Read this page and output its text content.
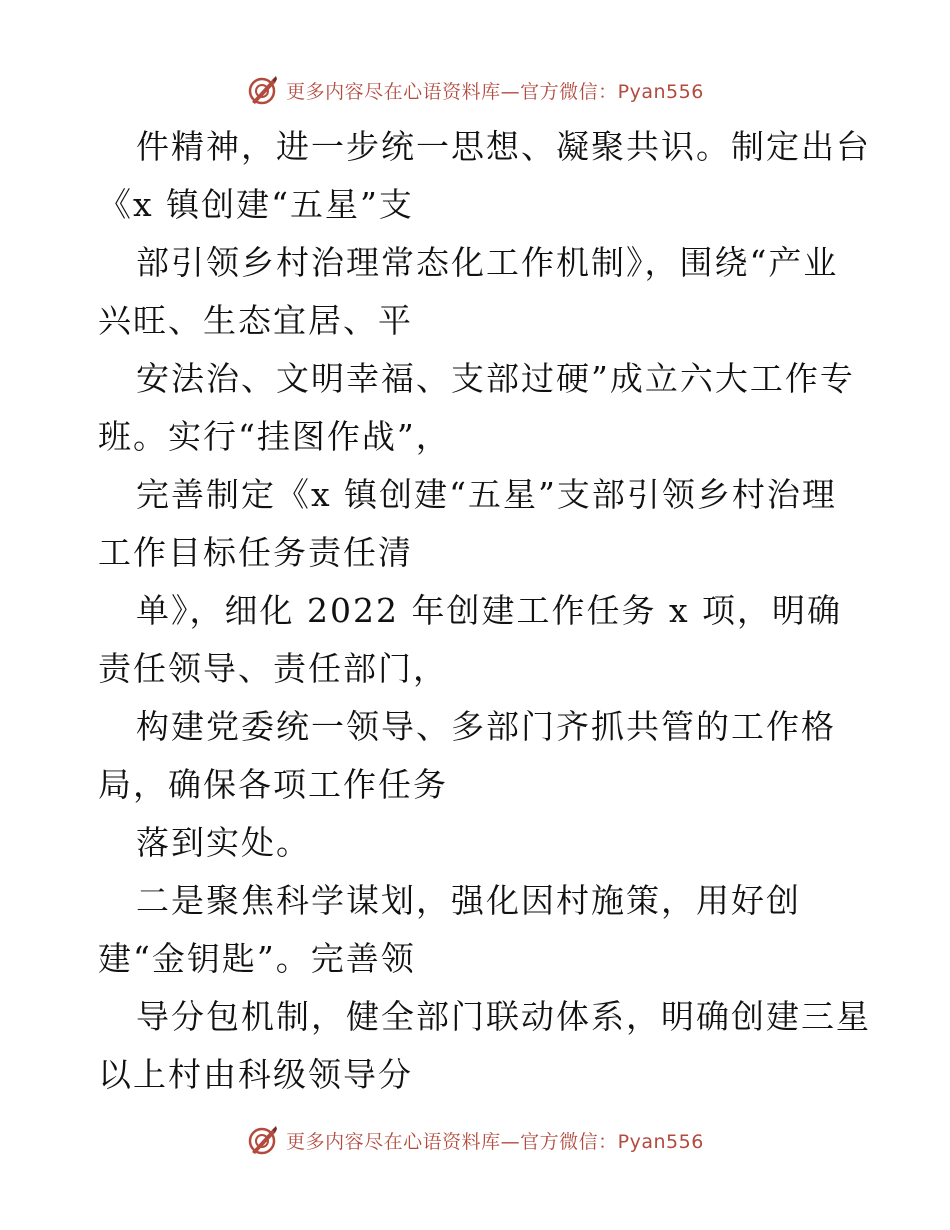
更多内容尽在心语资料库—官方微信：Pyan556
件精神，进一步统一思想、凝聚共识。制定出台
《x 镇创建“五星”支
部引领乡村治理常态化工作机制》，围绕“产业
兴旺、生态宜居、平
安法治、文明幸福、支部过硬”成立六大工作专
班。实行“挂图作战”，
完善制定《x 镇创建“五星”支部引领乡村治理
工作目标任务责任清
单》，细化 2022 年创建工作任务 x 项，明确
责任领导、责任部门，
构建党委统一领导、多部门齐抓共管的工作格
局，确保各项工作任务
落到实处。
二是聚焦科学谋划，强化因村施策，用好创
建“金钥匙”。完善领
导分包机制，健全部门联动体系，明确创建三星
以上村由科级领导分
更多内容尽在心语资料库—官方微信：Pyan556
